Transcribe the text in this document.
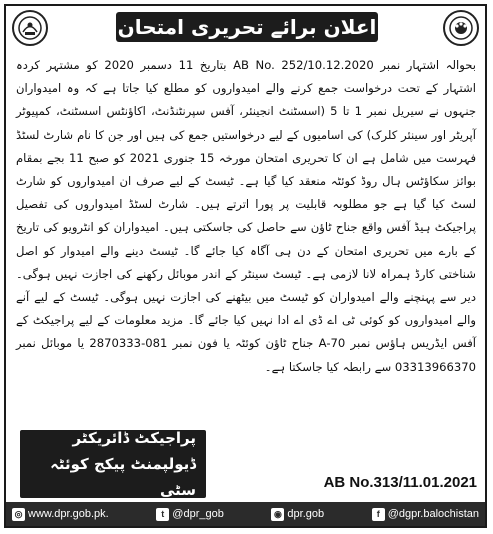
اعلان برائے تحریری امتحان

بحوالہ اشتہار نمبر AB No. 252/10.12.2020 بتاریخ 11 دسمبر 2020 کو مشتہر کردہ اشتہار کے تحت درخواست جمع کرنے والے امیدواروں کو مطلع کیا جاتا ہے کہ وہ امیدواران جنہوں نے سیریل نمبر 1 تا 5 (اسسٹنٹ انجینئر، آفس سپرنٹنڈنٹ، اکاؤنٹس اسسٹنٹ، کمپیوٹر آپریٹر اور سینئر کلرک) کی اسامیوں کے لیے درخواستیں جمع کی ہیں اور جن کا نام شارٹ لسٹڈ فہرست میں شامل ہے ان کا تحریری امتحان مورخہ 15 جنوری 2021 کو صبح 11 بجے بمقام بوائز سکاؤٹس ہال روڈ کوئٹہ منعقد کیا گیا ہے۔ ٹیسٹ کے لیے صرف ان امیدواروں کو شارٹ لسٹ کیا گیا ہے جو مطلوبہ قابلیت پر پورا اترتے ہیں۔ شارٹ لسٹڈ امیدواروں کی تفصیل پراجیکٹ ہیڈ آفس واقع جناح ٹاؤن سے حاصل کی جاسکتی ہیں۔ امیدواران کو انٹرویو کی تاریخ کے بارے میں تحریری امتحان کے دن ہی آگاہ کیا جائے گا۔ ٹیسٹ دینے والے امیدوار کو اصل شناختی کارڈ ہمراہ لانا لازمی ہے۔ ٹیسٹ سینٹر کے اندر موبائل رکھنے کی اجازت نہیں ہوگی۔ دیر سے پہنچنے والے امیدواران کو ٹیسٹ میں بیٹھنے کی اجازت نہیں ہوگی۔ ٹیسٹ کے لیے آنے والے امیدواروں کو کوئی ٹی اے ڈی اے ادا نہیں کیا جائے گا۔ مزید معلومات کے لیے پراجیکٹ کے آفس ایڈریس ہاؤس نمبر A-70 جناح ٹاؤن کوئٹہ یا فون نمبر 081-2870333 یا موبائل نمبر 03313966370 سے رابطہ کیا جاسکتا ہے۔

پراجیکٹ ڈائریکٹر
ڈیولپمنٹ پیکج کوئٹہ سٹی	AB No.313/11.01.2021
◎ www.dpr.gob.pk.	t @dpr_gob	◉ dpr.gob	f @dgpr.balochistan
